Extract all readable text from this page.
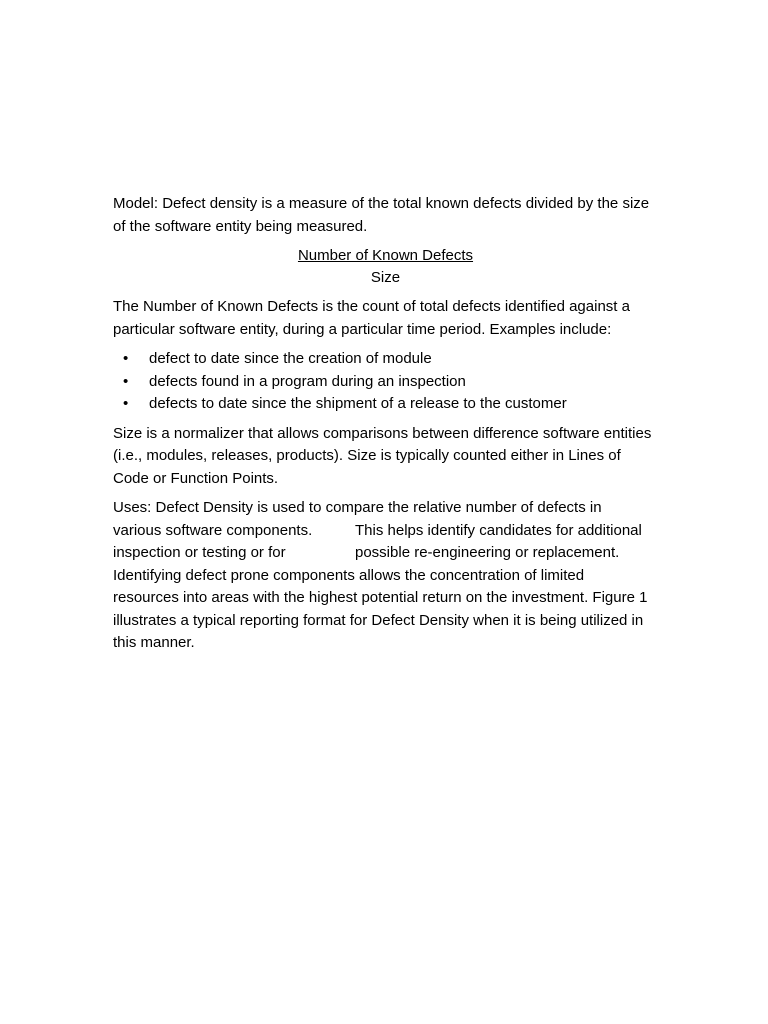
Model: Defect density is a measure of the total known defects divided by the size
of the software entity being measured.
Number of Known Defects
Size
The Number of Known Defects is the count of total defects identified against a
particular software entity, during a particular time period. Examples include:
•	defect to date since the creation of module
•	defects found in a program during an inspection
•	defects to date since the shipment of a release to the customer
Size is a normalizer that allows comparisons between difference software entities
(i.e., modules, releases, products). Size is typically counted either in Lines of
Code or Function Points.
Uses: Defect Density is used to compare the relative number of defects in
various software components.	This helps identify candidates for additional
inspection or testing or for	possible re-engineering or replacement.
Identifying defect prone components allows the concentration of limited
resources into areas with the highest potential return on the investment. Figure 1
illustrates a typical reporting format for Defect Density when it is being utilized in
this manner.
